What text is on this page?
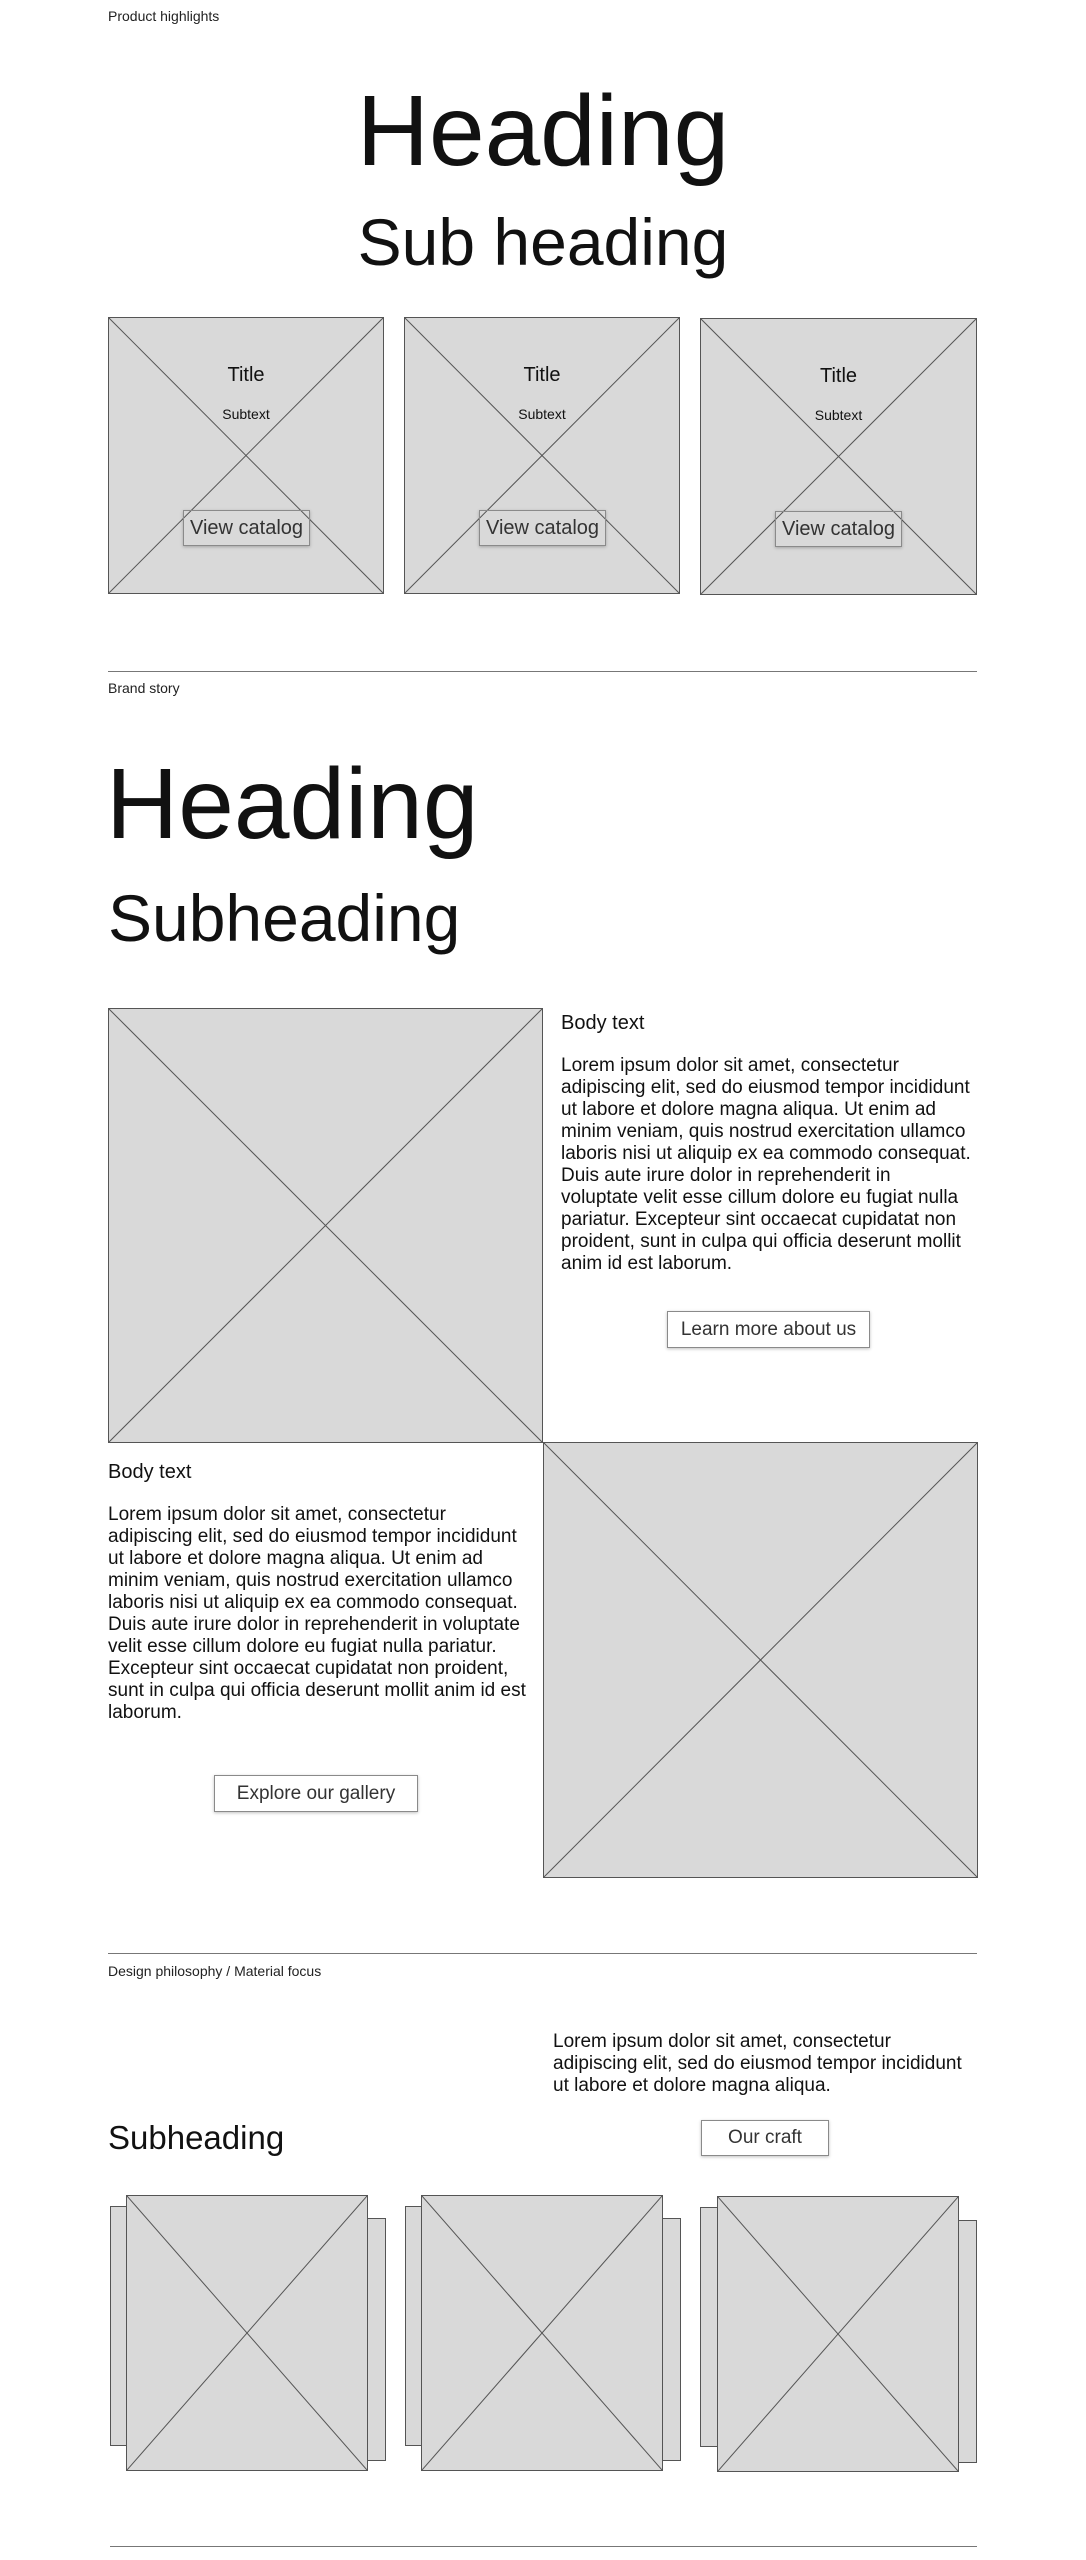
Product highlights
Heading
Sub heading
Title
Subtext
View catalog
Title
Subtext
View catalog
Title
Subtext
View catalog
Brand story
Heading
Subheading
Body text
Lorem ipsum dolor sit amet, consectetur adipiscing elit, sed do eiusmod tempor incididunt ut labore et dolore magna aliqua. Ut enim ad minim veniam, quis nostrud exercitation ullamco laboris nisi ut aliquip ex ea commodo consequat. Duis aute irure dolor in reprehenderit in voluptate velit esse cillum dolore eu fugiat nulla pariatur. Excepteur sint occaecat cupidatat non proident, sunt in culpa qui officia deserunt mollit anim id est laborum.
Learn more about us
Body text
Lorem ipsum dolor sit amet, consectetur adipiscing elit, sed do eiusmod tempor incididunt ut labore et dolore magna aliqua. Ut enim ad minim veniam, quis nostrud exercitation ullamco laboris nisi ut aliquip ex ea commodo consequat. Duis aute irure dolor in reprehenderit in voluptate velit esse cillum dolore eu fugiat nulla pariatur. Excepteur sint occaecat cupidatat non proident, sunt in culpa qui officia deserunt mollit anim id est laborum.
Explore our gallery
Design philosophy / Material focus
Lorem ipsum dolor sit amet, consectetur adipiscing elit, sed do eiusmod tempor incididunt ut labore et dolore magna aliqua.
Subheading	Our craft
